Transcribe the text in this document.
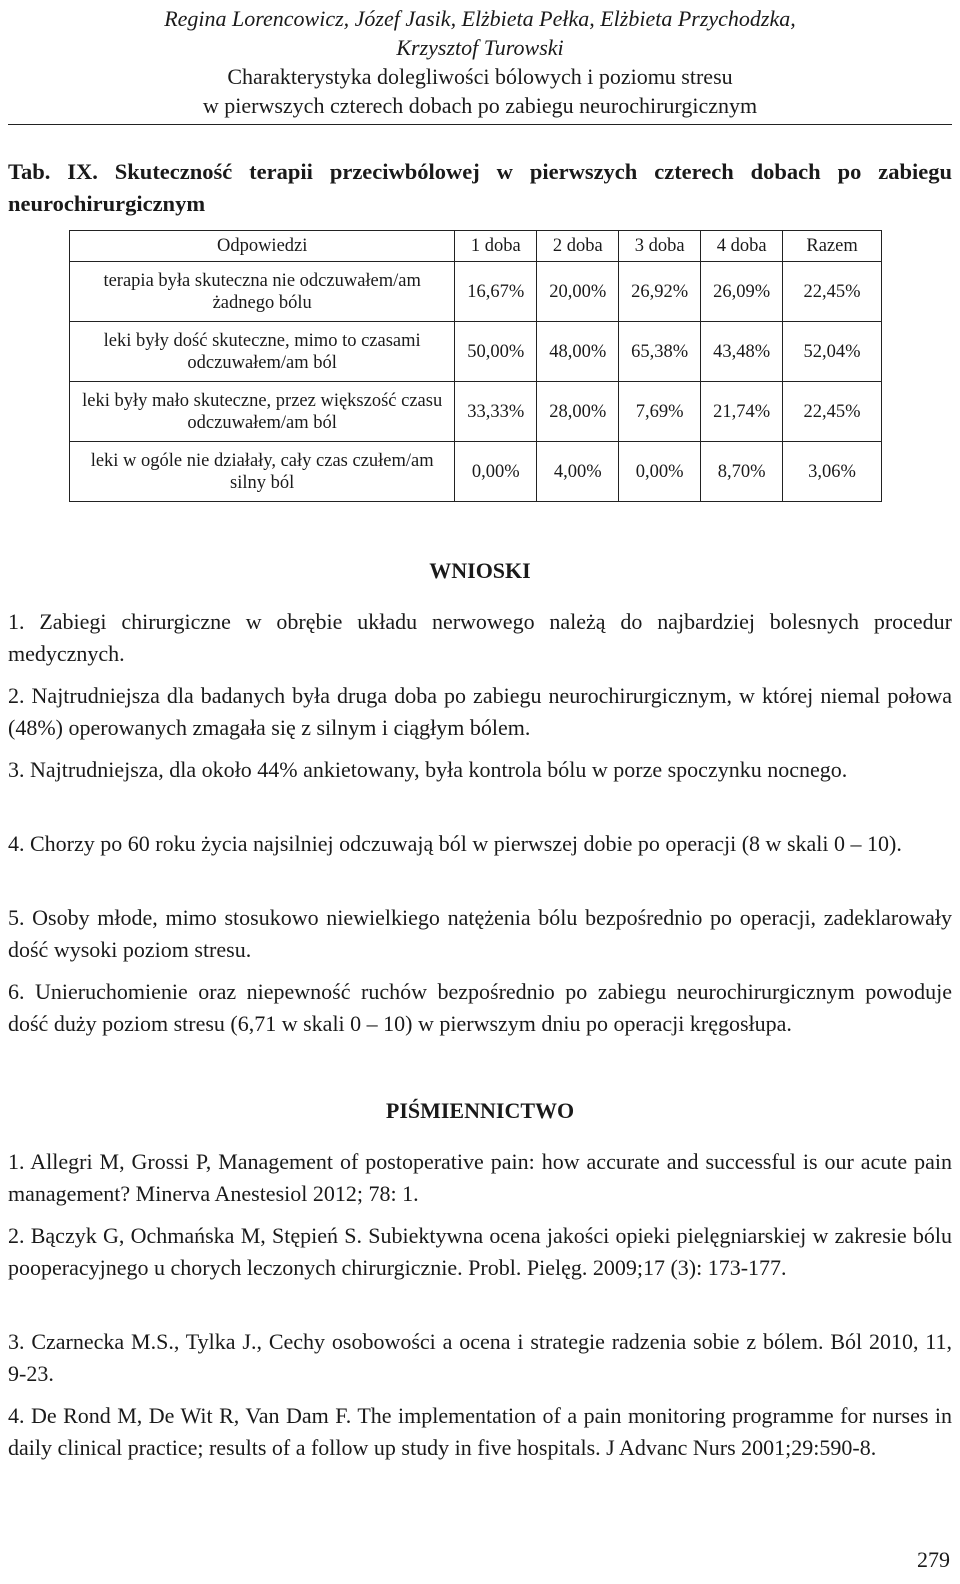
Regina Lorencowicz, Józef Jasik, Elżbieta Pełka, Elżbieta Przychodzka,
Krzysztof Turowski
Charakterystyka dolegliwości bólowych i poziomu stresu
w pierwszych czterech dobach po zabiegu neurochirurgicznym
Tab. IX. Skuteczność terapii przeciwbólowej w pierwszych czterech dobach po zabiegu neurochirurgicznym
Odpowiedzi	1 doba	2 doba	3 doba	4 doba	Razem
terapia była skuteczna nie odczuwałem/am żadnego bólu	16,67%	20,00%	26,92%	26,09%	22,45%
leki były dość skuteczne, mimo to czasami odczuwałem/am ból	50,00%	48,00%	65,38%	43,48%	52,04%
leki były mało skuteczne, przez większość czasu odczuwałem/am ból	33,33%	28,00%	7,69%	21,74%	22,45%
leki w ogóle nie działały, cały czas czułem/am silny ból	0,00%	4,00%	0,00%	8,70%	3,06%
WNIOSKI
1. Zabiegi chirurgiczne w obrębie układu nerwowego należą do najbardziej bolesnych procedur medycznych.
2. Najtrudniejsza dla badanych była druga doba po zabiegu neurochirurgicznym, w której niemal połowa (48%) operowanych zmagała się z silnym i ciągłym bólem.
3. Najtrudniejsza, dla około 44% ankietowany, była kontrola bólu w porze spoczynku nocnego.
4. Chorzy po 60 roku życia najsilniej odczuwają ból w pierwszej dobie po operacji (8 w skali 0 – 10).
5. Osoby młode, mimo stosukowo niewielkiego natężenia bólu bezpośrednio po operacji, zadeklarowały dość wysoki poziom stresu.
6. Unieruchomienie oraz niepewność ruchów bezpośrednio po zabiegu neurochirurgicznym powoduje dość duży poziom stresu (6,71 w skali 0 – 10) w pierwszym dniu po operacji kręgosłupa.
PIŚMIENNICTWO
1. Allegri M, Grossi P, Management of postoperative pain: how accurate and successful is our acute pain management? Minerva Anestesiol 2012; 78: 1.
2. Bączyk G, Ochmańska M, Stępień S. Subiektywna ocena jakości opieki pielęgniarskiej w zakresie bólu pooperacyjnego u chorych leczonych chirurgicznie. Probl. Pielęg. 2009;17 (3): 173-177.
3. Czarnecka M.S., Tylka J., Cechy osobowości a ocena i strategie radzenia sobie z bólem. Ból 2010, 11, 9-23.
4. De Rond M, De Wit R, Van Dam F. The implementation of a pain monitoring programme for nurses in daily clinical practice; results of a follow up study in five hospitals. J Advanc Nurs 2001;29:590-8.
279
